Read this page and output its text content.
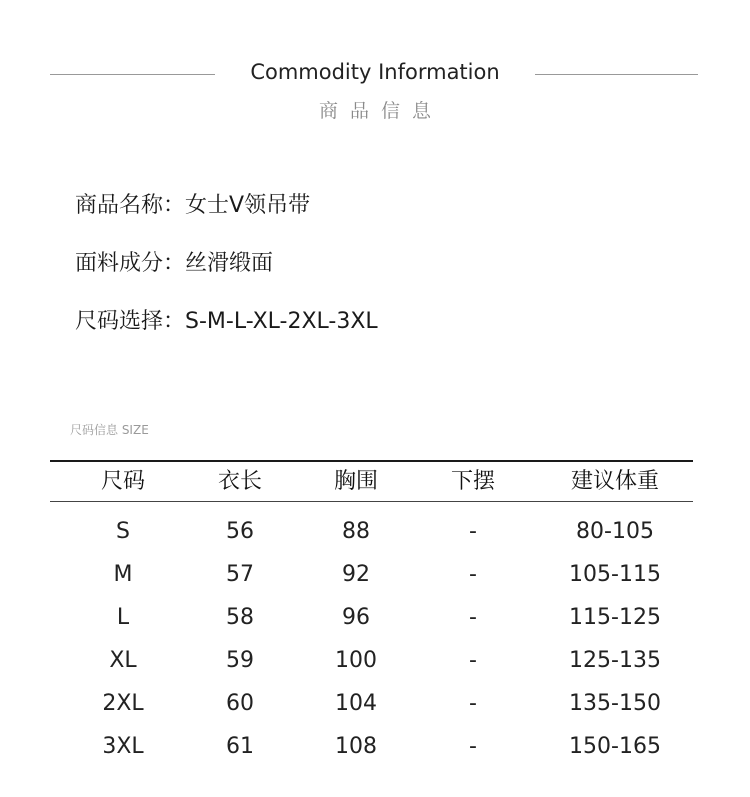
Commodity Information
商品信息
商品名称 ： 女士V领吊带
面料成分 ： 丝滑缎面
尺码选择 ： S-M-L-XL-2XL-3XL
尺码信息 SIZE
尺码	衣长	胸围	下摆	建议体重
S	56	88	-	80-105
M	57	92	-	105-115
L	58	96	-	115-125
XL	59	100	-	125-135
2XL	60	104	-	135-150
3XL	61	108	-	150-165
